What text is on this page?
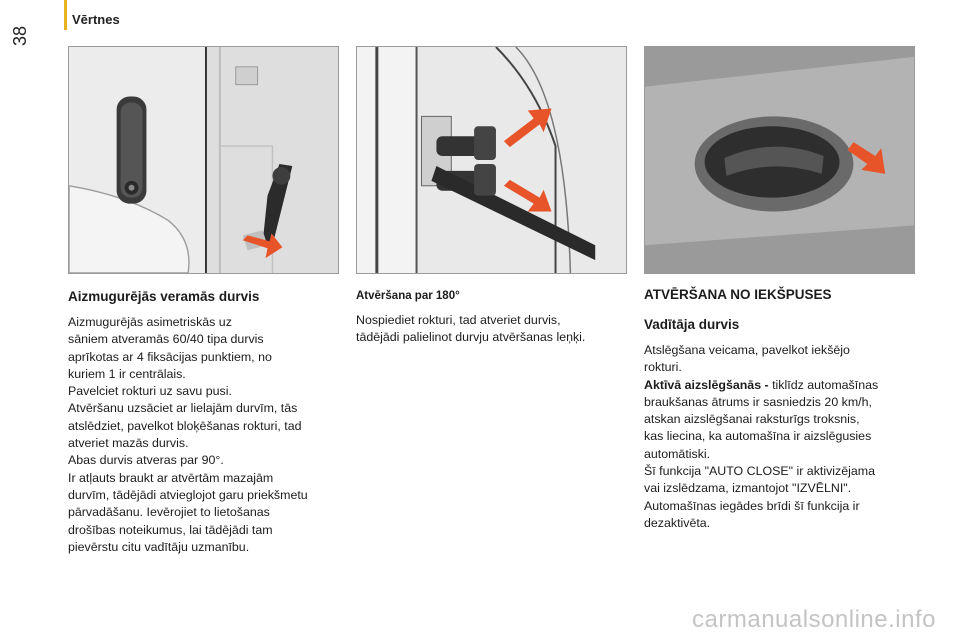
Vērtnes
38

Aizmugurējās veramās durvis

Aizmugurējās asimetriskās uz

sāniem atveramās 60/40 tipa durvis

aprīkotas ar 4 fiksācijas punktiem, no

kuriem 1 ir centrālais.

Pavelciet rokturi uz savu pusi.

Atvēršanu uzsāciet ar lielajām durvīm, tās

atslēdziet, pavelkot bloķēšanas rokturi, tad

atveriet mazās durvis.

Abas durvis atveras par 90°.

Ir atļauts braukt ar atvērtām mazajām

durvīm, tādējādi atvieglojot garu priekšmetu

pārvadāšanu. Ievērojiet to lietošanas

drošības noteikumus, lai tādējādi tam

pievērstu citu vadītāju uzmanību.

Atvēršana par 180°

Nospiediet rokturi, tad atveriet durvis,

tādējādi palielinot durvju atvēršanas leņķi.

ATVĒRŠANA NO IEKŠPUSES

Vadītāja durvis

Atslēgšana veicama, pavelkot iekšējo

rokturi.

Aktīvā aizslēgšanās - tiklīdz automašīnas

braukšanas ātrums ir sasniedzis 20 km/h,

atskan aizslēgšanai raksturīgs troksnis,

kas liecina, ka automašīna ir aizslēgusies

automātiski.

Šī funkcija "AUTO CLOSE" ir aktivizējama

vai izslēdzama, izmantojot "IZVĒLNI".

Automašīnas iegādes brīdi šī funkcija ir

dezaktivēta.

carmanualsonline.info
